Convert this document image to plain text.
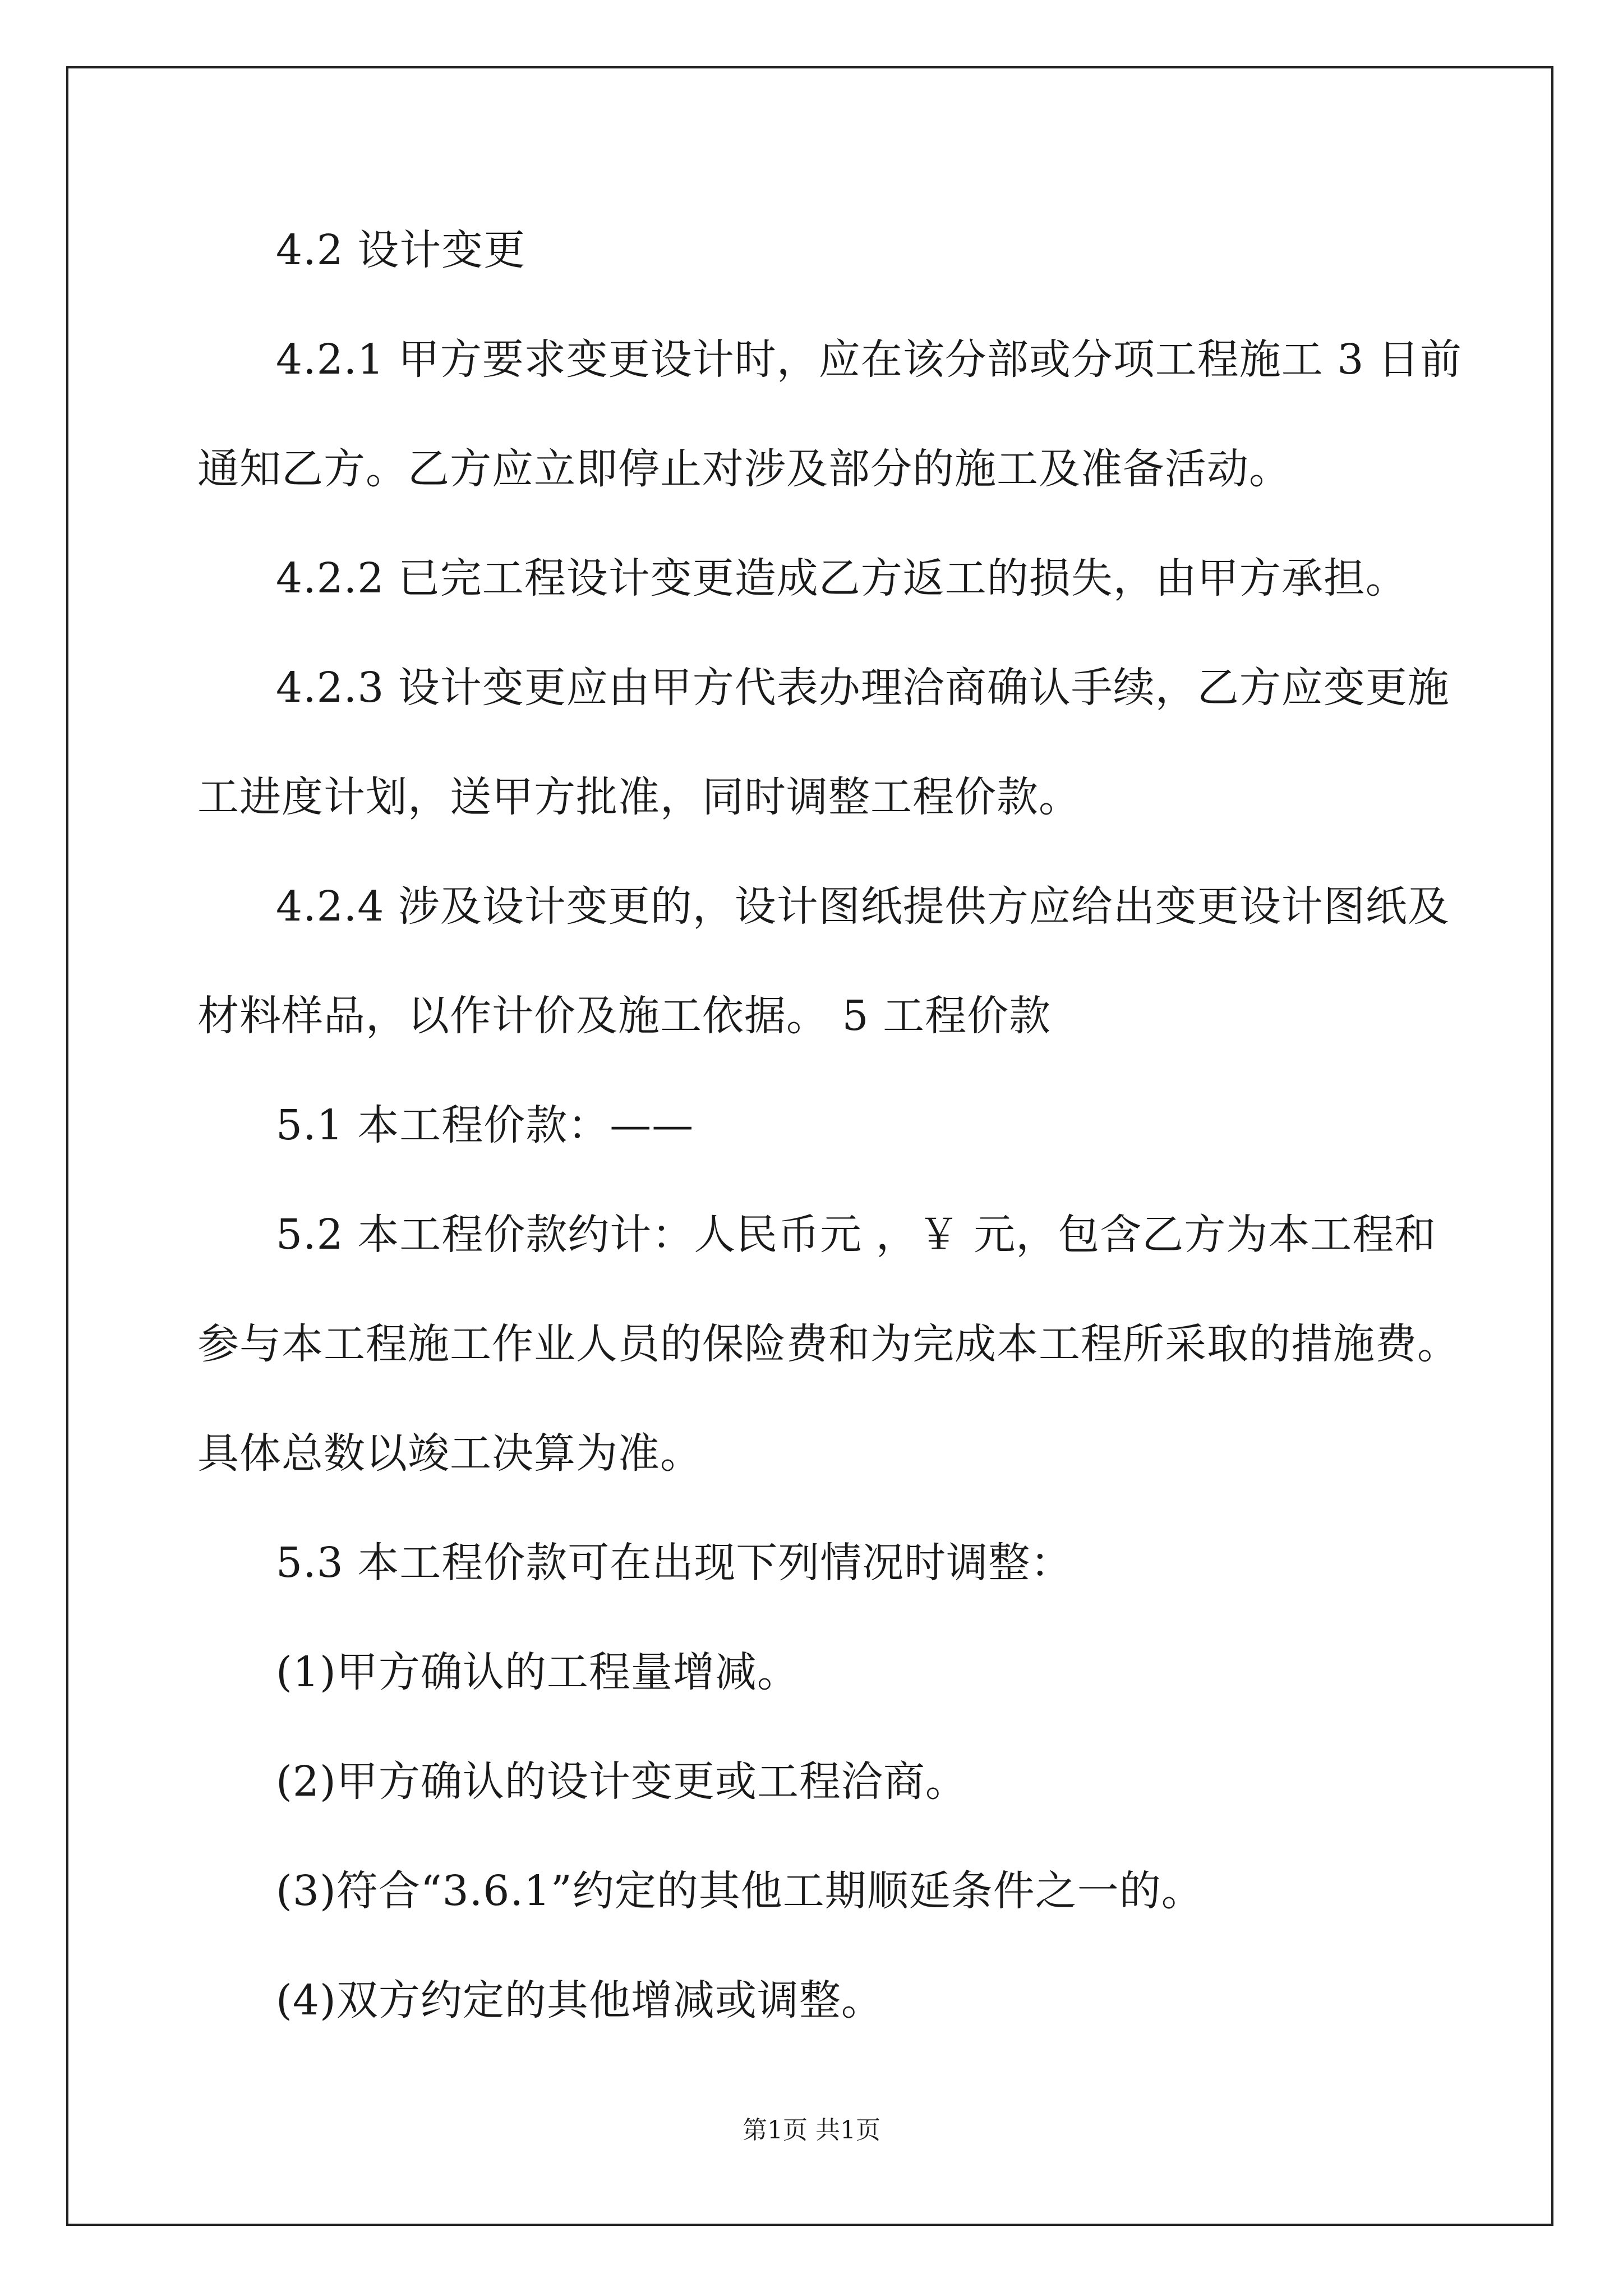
4.2 设计变更
4.2.1 甲方要求变更设计时，应在该分部或分项工程施工 3 日前
通知乙方。乙方应立即停止对涉及部分的施工及准备活动。
4.2.2 已完工程设计变更造成乙方返工的损失，由甲方承担。
4.2.3 设计变更应由甲方代表办理洽商确认手续，乙方应变更施
工进度计划，送甲方批准，同时调整工程价款。
4.2.4 涉及设计变更的，设计图纸提供方应给出变更设计图纸及
材料样品，以作计价及施工依据。 5 工程价款
5.1 本工程价款：——
5.2 本工程价款约计：人民币元 ，￥ 元，包含乙方为本工程和
参与本工程施工作业人员的保险费和为完成本工程所采取的措施费。
具体总数以竣工决算为准。
5.3 本工程价款可在出现下列情况时调整：
(1)甲方确认的工程量增减。
(2)甲方确认的设计变更或工程洽商。
(3)符合“3.6.1”约定的其他工期顺延条件之一的。
(4)双方约定的其他增减或调整。
第1页 共1页
